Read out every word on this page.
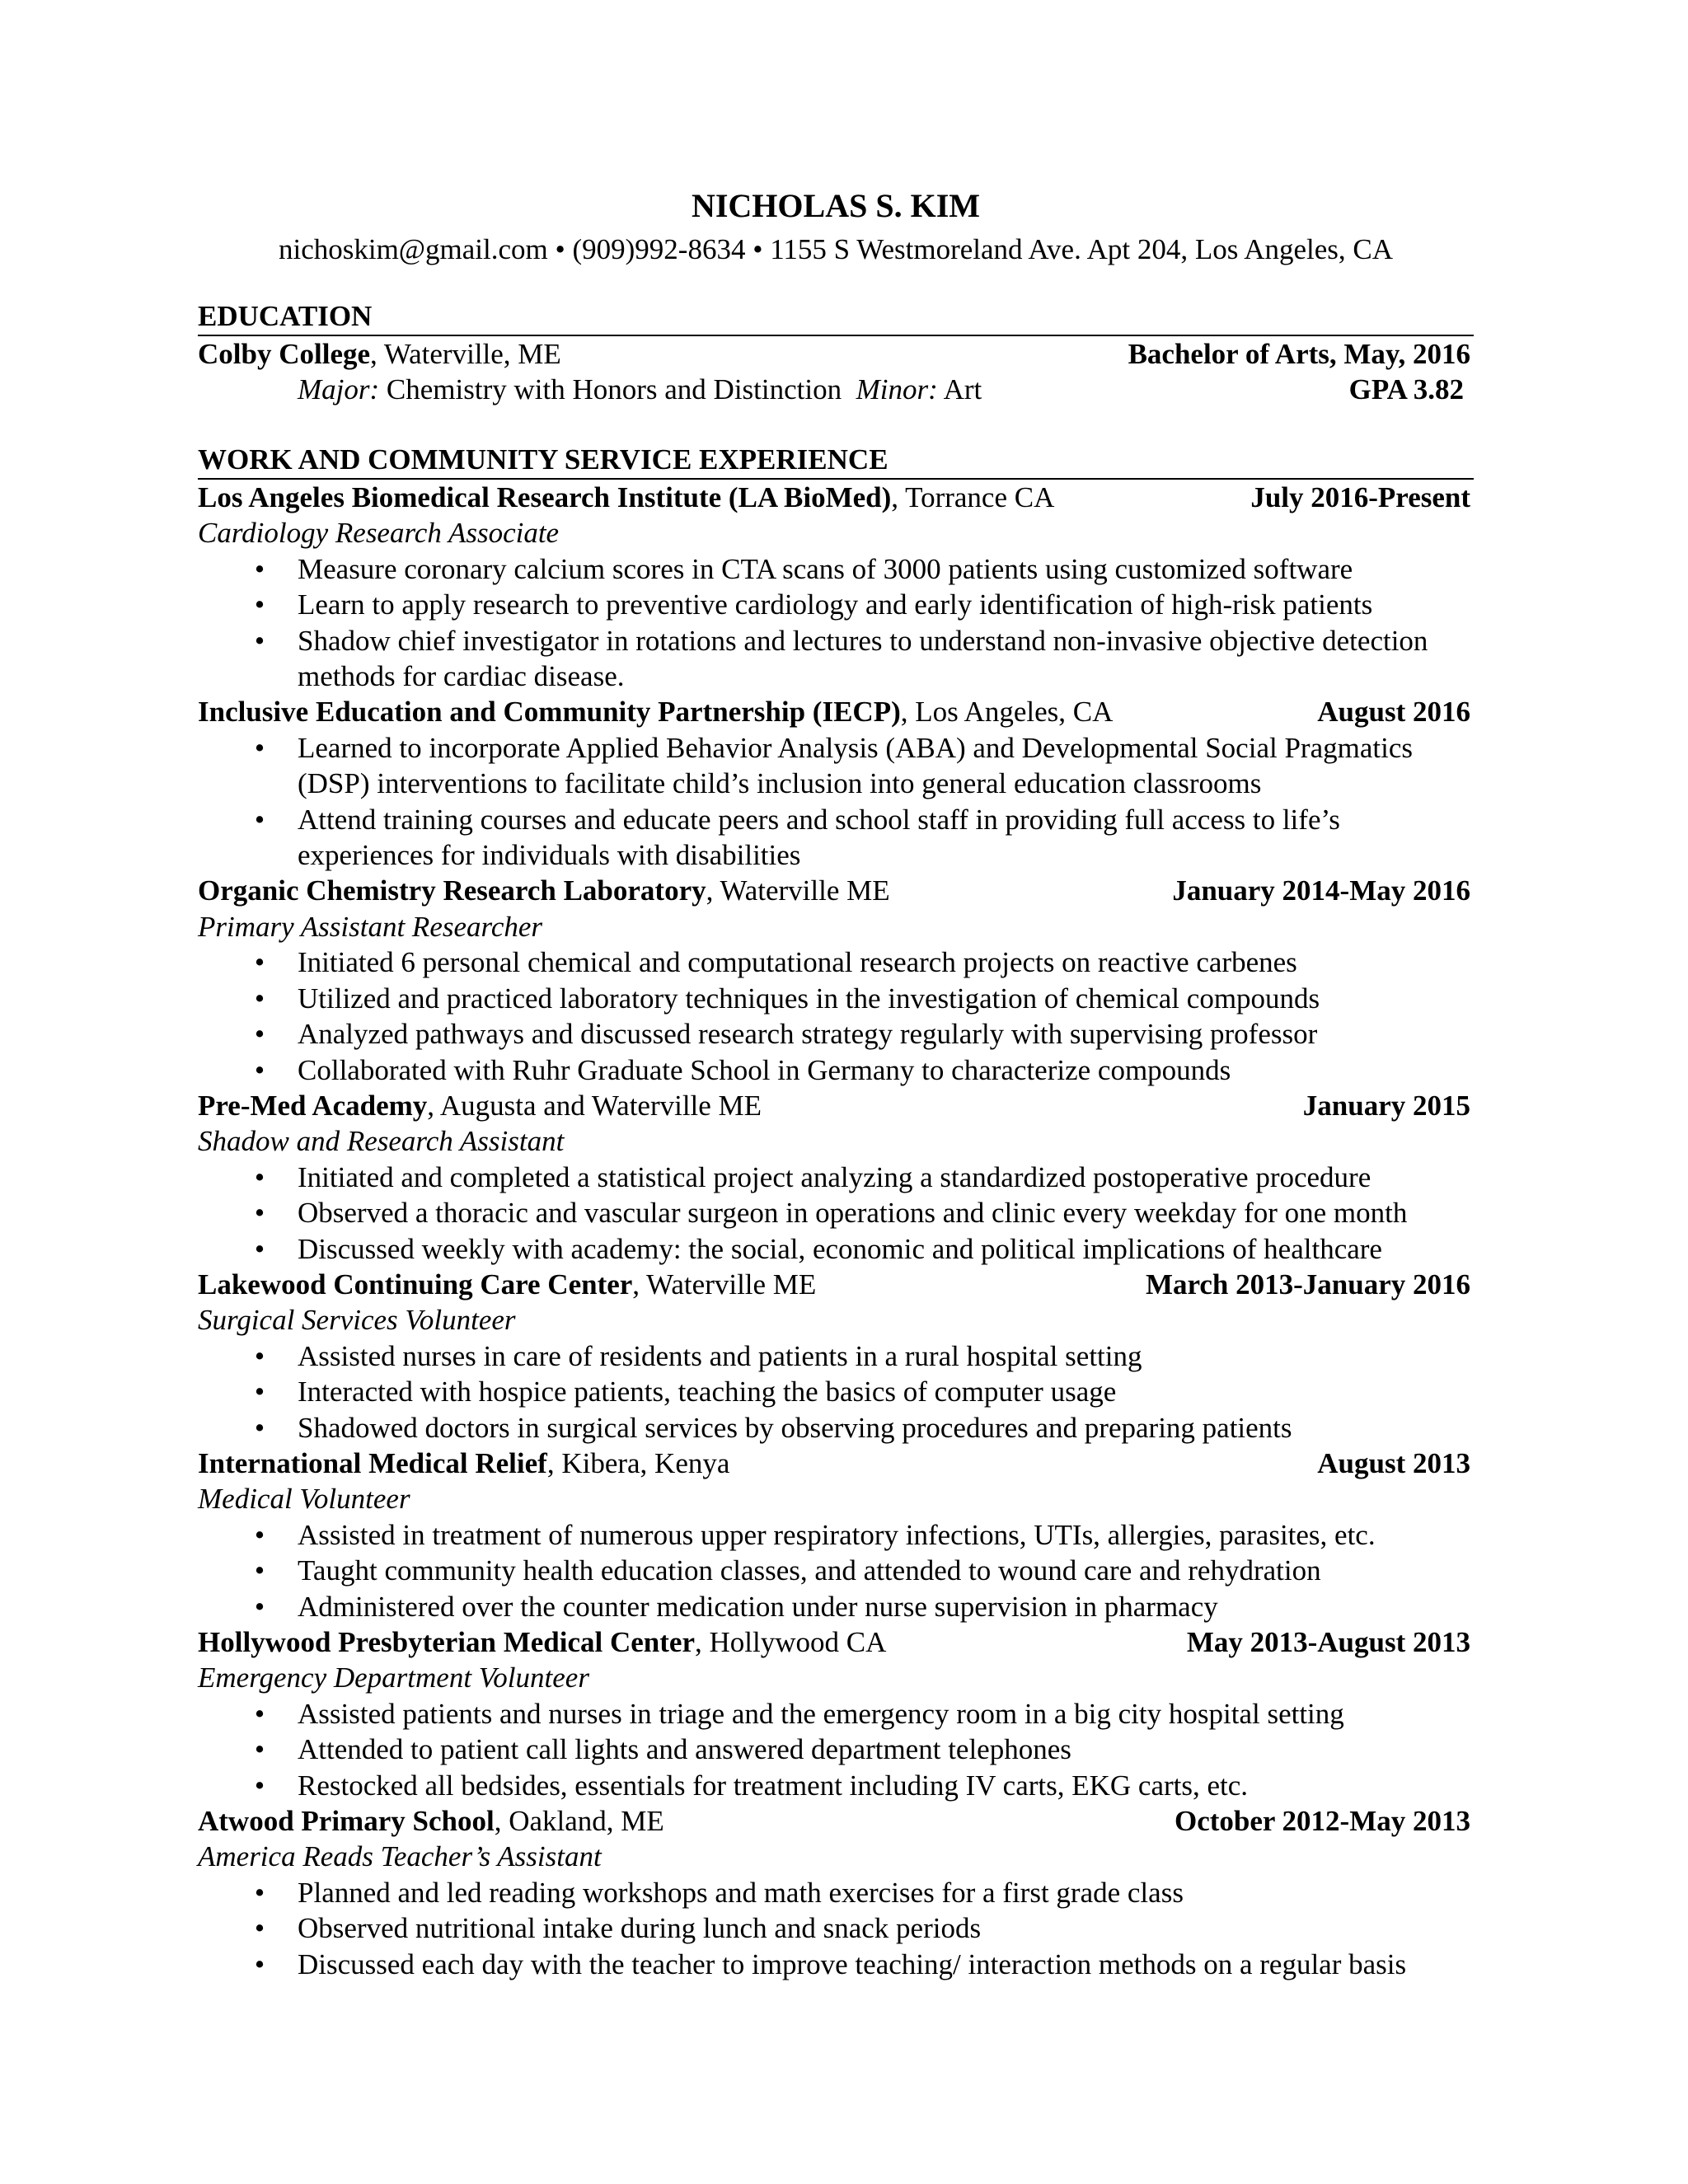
NICHOLAS S. KIM
nichoskim@gmail.com • (909)992-8634 • 1155 S Westmoreland Ave. Apt 204, Los Angeles, CA
EDUCATION
Colby College, Waterville, ME	Bachelor of Arts, May, 2016
Major: Chemistry with Honors and Distinction  Minor: Art	GPA 3.82
WORK AND COMMUNITY SERVICE EXPERIENCE
Los Angeles Biomedical Research Institute (LA BioMed), Torrance CA	July 2016-Present
Cardiology Research Associate
• Measure coronary calcium scores in CTA scans of 3000 patients using customized software
• Learn to apply research to preventive cardiology and early identification of high-risk patients
• Shadow chief investigator in rotations and lectures to understand non-invasive objective detection methods for cardiac disease.
Inclusive Education and Community Partnership (IECP), Los Angeles, CA	August 2016
• Learned to incorporate Applied Behavior Analysis (ABA) and Developmental Social Pragmatics (DSP) interventions to facilitate child’s inclusion into general education classrooms
• Attend training courses and educate peers and school staff in providing full access to life’s experiences for individuals with disabilities
Organic Chemistry Research Laboratory, Waterville ME	January 2014-May 2016
Primary Assistant Researcher
• Initiated 6 personal chemical and computational research projects on reactive carbenes
• Utilized and practiced laboratory techniques in the investigation of chemical compounds
• Analyzed pathways and discussed research strategy regularly with supervising professor
• Collaborated with Ruhr Graduate School in Germany to characterize compounds
Pre-Med Academy, Augusta and Waterville ME	January 2015
Shadow and Research Assistant
• Initiated and completed a statistical project analyzing a standardized postoperative procedure
• Observed a thoracic and vascular surgeon in operations and clinic every weekday for one month
• Discussed weekly with academy: the social, economic and political implications of healthcare
Lakewood Continuing Care Center, Waterville ME	March 2013-January 2016
Surgical Services Volunteer
• Assisted nurses in care of residents and patients in a rural hospital setting
• Interacted with hospice patients, teaching the basics of computer usage
• Shadowed doctors in surgical services by observing procedures and preparing patients
International Medical Relief, Kibera, Kenya	August 2013
Medical Volunteer
• Assisted in treatment of numerous upper respiratory infections, UTIs, allergies, parasites, etc.
• Taught community health education classes, and attended to wound care and rehydration
• Administered over the counter medication under nurse supervision in pharmacy
Hollywood Presbyterian Medical Center, Hollywood CA	May 2013-August 2013
Emergency Department Volunteer
• Assisted patients and nurses in triage and the emergency room in a big city hospital setting
• Attended to patient call lights and answered department telephones
• Restocked all bedsides, essentials for treatment including IV carts, EKG carts, etc.
Atwood Primary School, Oakland, ME	October 2012-May 2013
America Reads Teacher’s Assistant
• Planned and led reading workshops and math exercises for a first grade class
• Observed nutritional intake during lunch and snack periods
• Discussed each day with the teacher to improve teaching/ interaction methods on a regular basis
